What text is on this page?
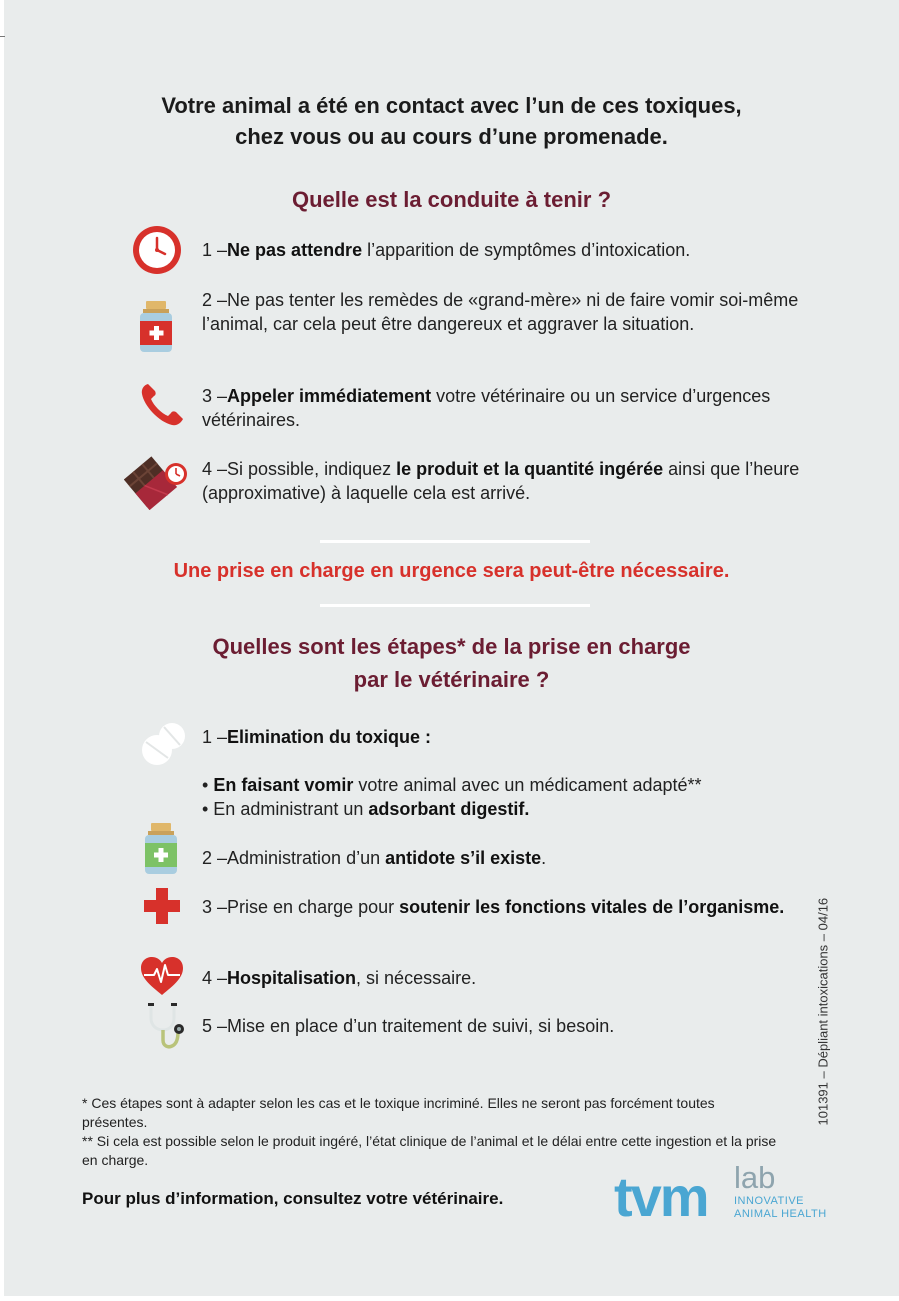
Votre animal a été en contact avec l’un de ces toxiques,
chez vous ou au cours d’une promenade.
Quelle est la conduite à tenir ?
1 –Ne pas attendre l’apparition de symptômes d’intoxication.
2 –Ne pas tenter les remèdes de «grand-mère» ni de faire vomir soi-même l’animal, car cela peut être dangereux et aggraver la situation.
3 –Appeler immédiatement votre vétérinaire ou un service d’urgences vétérinaires.
4 –Si possible, indiquez le produit et la quantité ingérée ainsi que l’heure (approximative) à laquelle cela est arrivé.
Une prise en charge en urgence sera peut-être nécessaire.
Quelles sont les étapes* de la prise en charge
par le vétérinaire ?
1 –Elimination du toxique :
• En faisant vomir votre animal avec un médicament adapté**
• En administrant un adsorbant digestif.
2 –Administration d’un antidote s’il existe.
3 –Prise en charge pour soutenir les fonctions vitales de l’organisme.
4 –Hospitalisation, si nécessaire.
5 –Mise en place d’un traitement de suivi, si besoin.
* Ces étapes sont à adapter selon les cas et le toxique incriminé. Elles ne seront pas forcément toutes présentes.
** Si cela est possible selon le produit ingéré, l’état clinique de l’animal et le délai entre cette ingestion et la prise en charge.
Pour plus d’information, consultez votre vétérinaire.
101391 – Dépliant intoxications – 04/16
tvm lab
INNOVATIVE
ANIMAL HEALTH
